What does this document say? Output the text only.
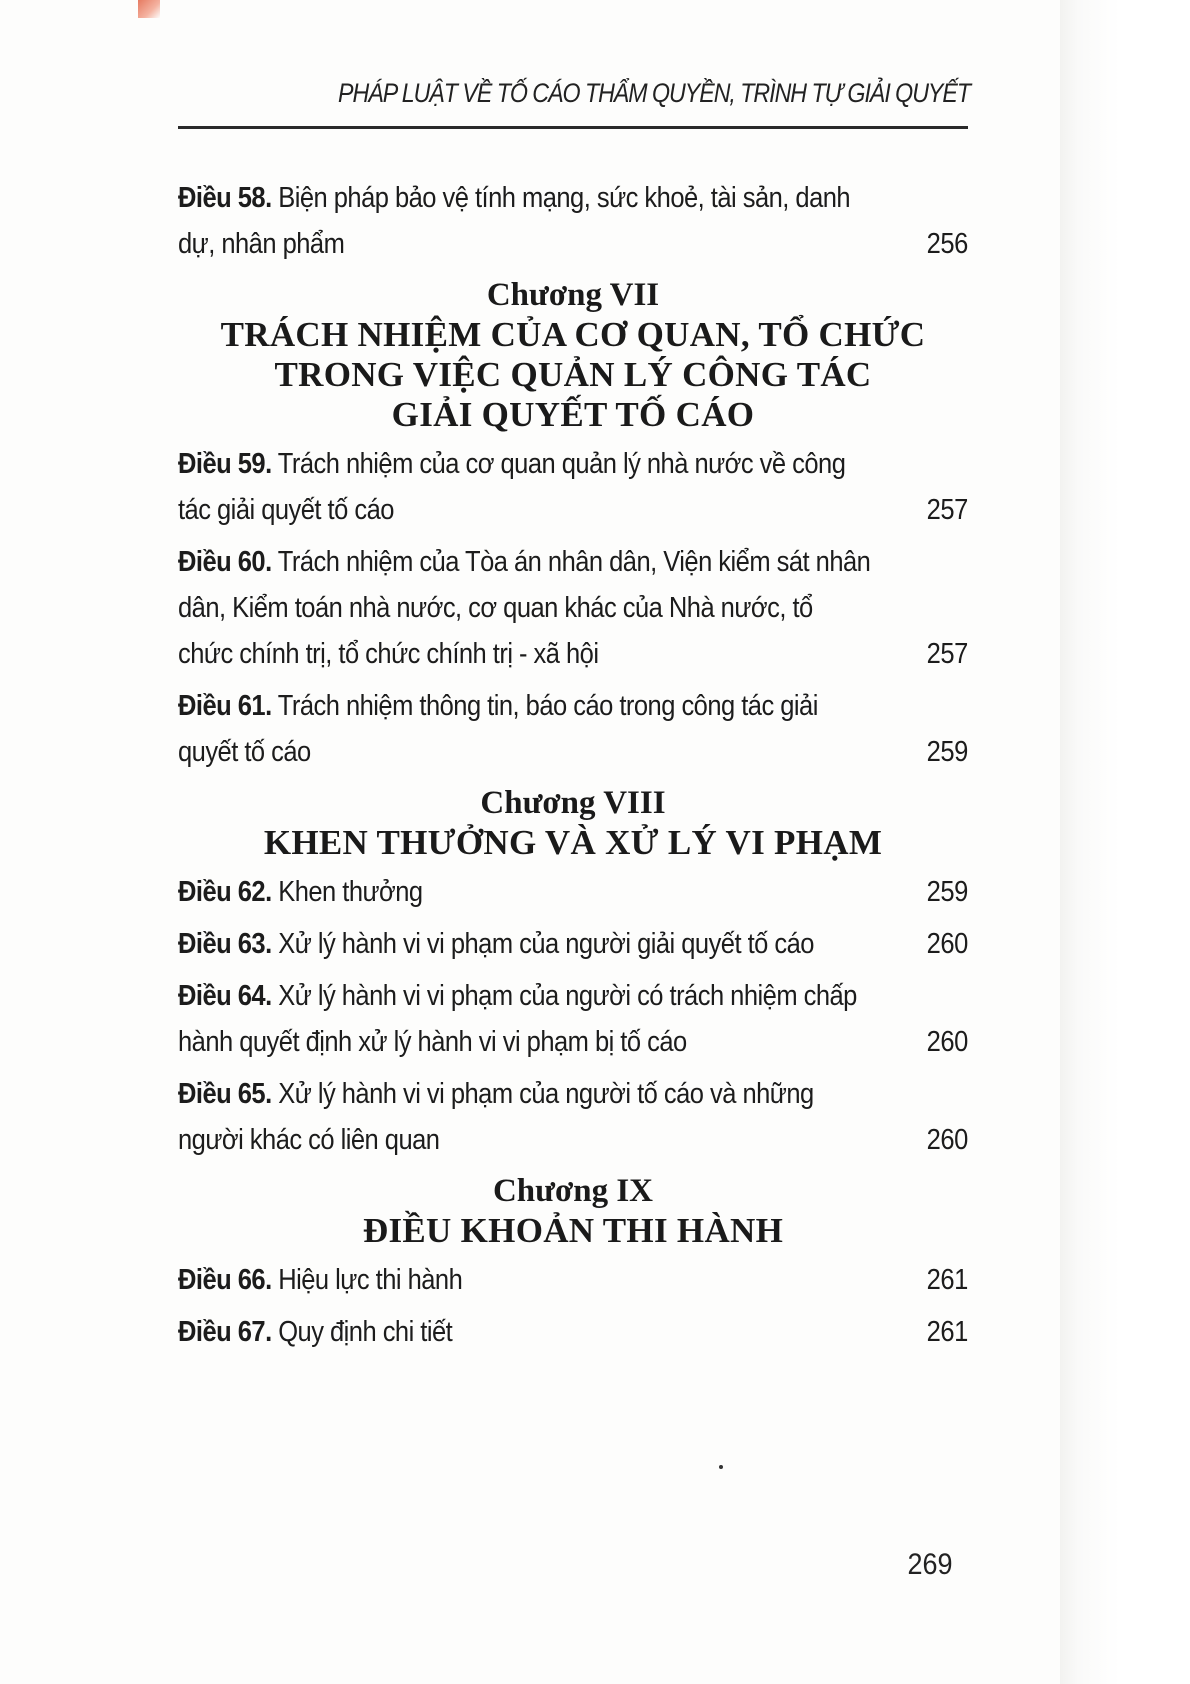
PHÁP LUẬT VỀ TỐ CÁO THẨM QUYỀN, TRÌNH TỰ GIẢI QUYẾT
Điều 58. Biện pháp bảo vệ tính mạng, sức khoẻ, tài sản, danh dự, nhân phẩm	256
Chương VII
TRÁCH NHIỆM CỦA CƠ QUAN, TỔ CHỨC
TRONG VIỆC QUẢN LÝ CÔNG TÁC
GIẢI QUYẾT TỐ CÁO
Điều 59. Trách nhiệm của cơ quan quản lý nhà nước về công tác giải quyết tố cáo	257
Điều 60. Trách nhiệm của Tòa án nhân dân, Viện kiểm sát nhân dân, Kiểm toán nhà nước, cơ quan khác của Nhà nước, tổ chức chính trị, tổ chức chính trị - xã hội	257
Điều 61. Trách nhiệm thông tin, báo cáo trong công tác giải quyết tố cáo	259
Chương VIII
KHEN THƯỞNG VÀ XỬ LÝ VI PHẠM
Điều 62. Khen thưởng	259
Điều 63. Xử lý hành vi vi phạm của người giải quyết tố cáo	260
Điều 64. Xử lý hành vi vi phạm của người có trách nhiệm chấp hành quyết định xử lý hành vi vi phạm bị tố cáo	260
Điều 65. Xử lý hành vi vi phạm của người tố cáo và những người khác có liên quan	260
Chương IX
ĐIỀU KHOẢN THI HÀNH
Điều 66. Hiệu lực thi hành	261
Điều 67. Quy định chi tiết	261
269
